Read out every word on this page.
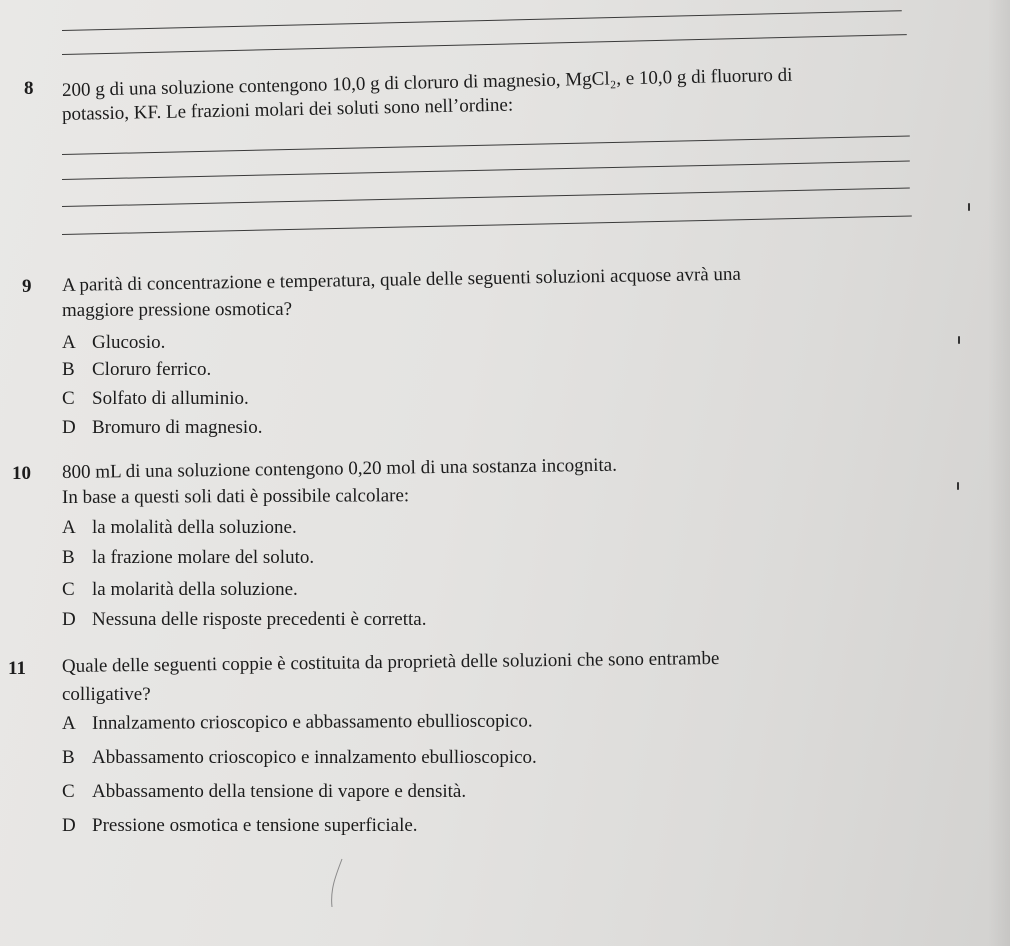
8 200 g di una soluzione contengono 10,0 g di cloruro di magnesio, MgCl₂, e 10,0 g di fluoruro di
potassio, KF. Le frazioni molari dei soluti sono nell’ordine:
9 A parità di concentrazione e temperatura, quale delle seguenti soluzioni acquose avrà una
maggiore pressione osmotica?
A Glucosio.
B Cloruro ferrico.
C Solfato di alluminio.
D Bromuro di magnesio.
10 800 mL di una soluzione contengono 0,20 mol di una sostanza incognita.
In base a questi soli dati è possibile calcolare:
A la molalità della soluzione.
B la frazione molare del soluto.
C la molarità della soluzione.
D Nessuna delle risposte precedenti è corretta.
11 Quale delle seguenti coppie è costituita da proprietà delle soluzioni che sono entrambe
colligative?
A Innalzamento crioscopico e abbassamento ebullioscopico.
B Abbassamento crioscopico e innalzamento ebullioscopico.
C Abbassamento della tensione di vapore e densità.
D Pressione osmotica e tensione superficiale.
